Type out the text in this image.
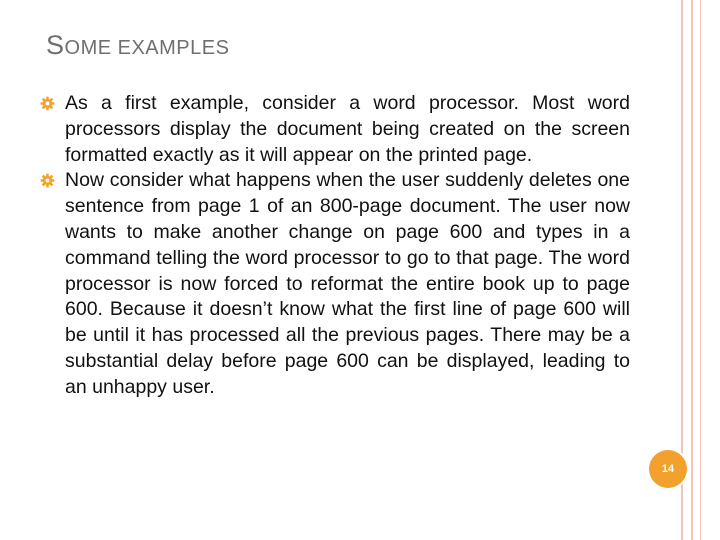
SOME EXAMPLES

As a first example, consider a word processor. Most word processors display the document being created on the screen formatted exactly as it will appear on the printed page.

Now consider what happens when the user suddenly deletes one sentence from page 1 of an 800-page document. The user now wants to make another change on page 600 and types in a command telling the word processor to go to that page. The word processor is now forced to reformat the entire book up to page 600. Because it doesn’t know what the first line of page 600 will be until it has processed all the previous pages. There may be a substantial delay before page 600 can be displayed, leading to an unhappy user.

14
